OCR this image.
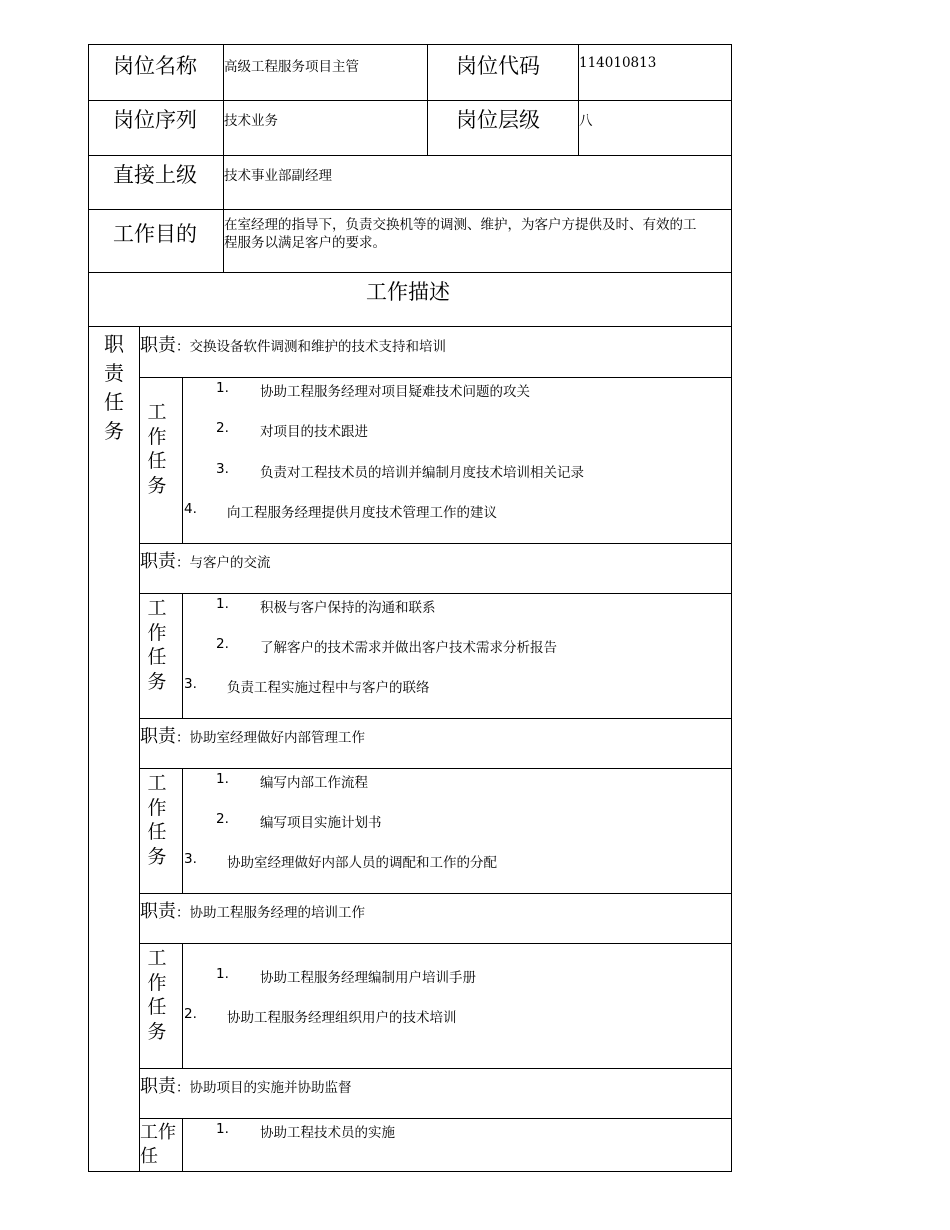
岗位名称 高级工程服务项目主管	岗位代码	114010813
岗位序列 技术业务	岗位层级	八
直接上级 技术事业部副经理
工作目的 在室经理的指导下，负责交换机等的调测、维护，为客户方提供及时、有效的工
程服务以满足客户的要求。
工作描述
职责任务
职责：交换设备软件调测和维护的技术支持和培训
工作任务
1. 协助工程服务经理对项目疑难技术问题的攻关
2. 对项目的技术跟进
3. 负责对工程技术员的培训并编制月度技术培训相关记录
4. 向工程服务经理提供月度技术管理工作的建议
职责：与客户的交流
工作任务
1. 积极与客户保持的沟通和联系
2. 了解客户的技术需求并做出客户技术需求分析报告
3. 负责工程实施过程中与客户的联络
职责：协助室经理做好内部管理工作
工作任务
1. 编写内部工作流程
2. 编写项目实施计划书
3. 协助室经理做好内部人员的调配和工作的分配
职责：协助工程服务经理的培训工作
工作任务
1. 协助工程服务经理编制用户培训手册
2. 协助工程服务经理组织用户的技术培训
职责：协助项目的实施并协助监督
工作
任
1. 协助工程技术员的实施
